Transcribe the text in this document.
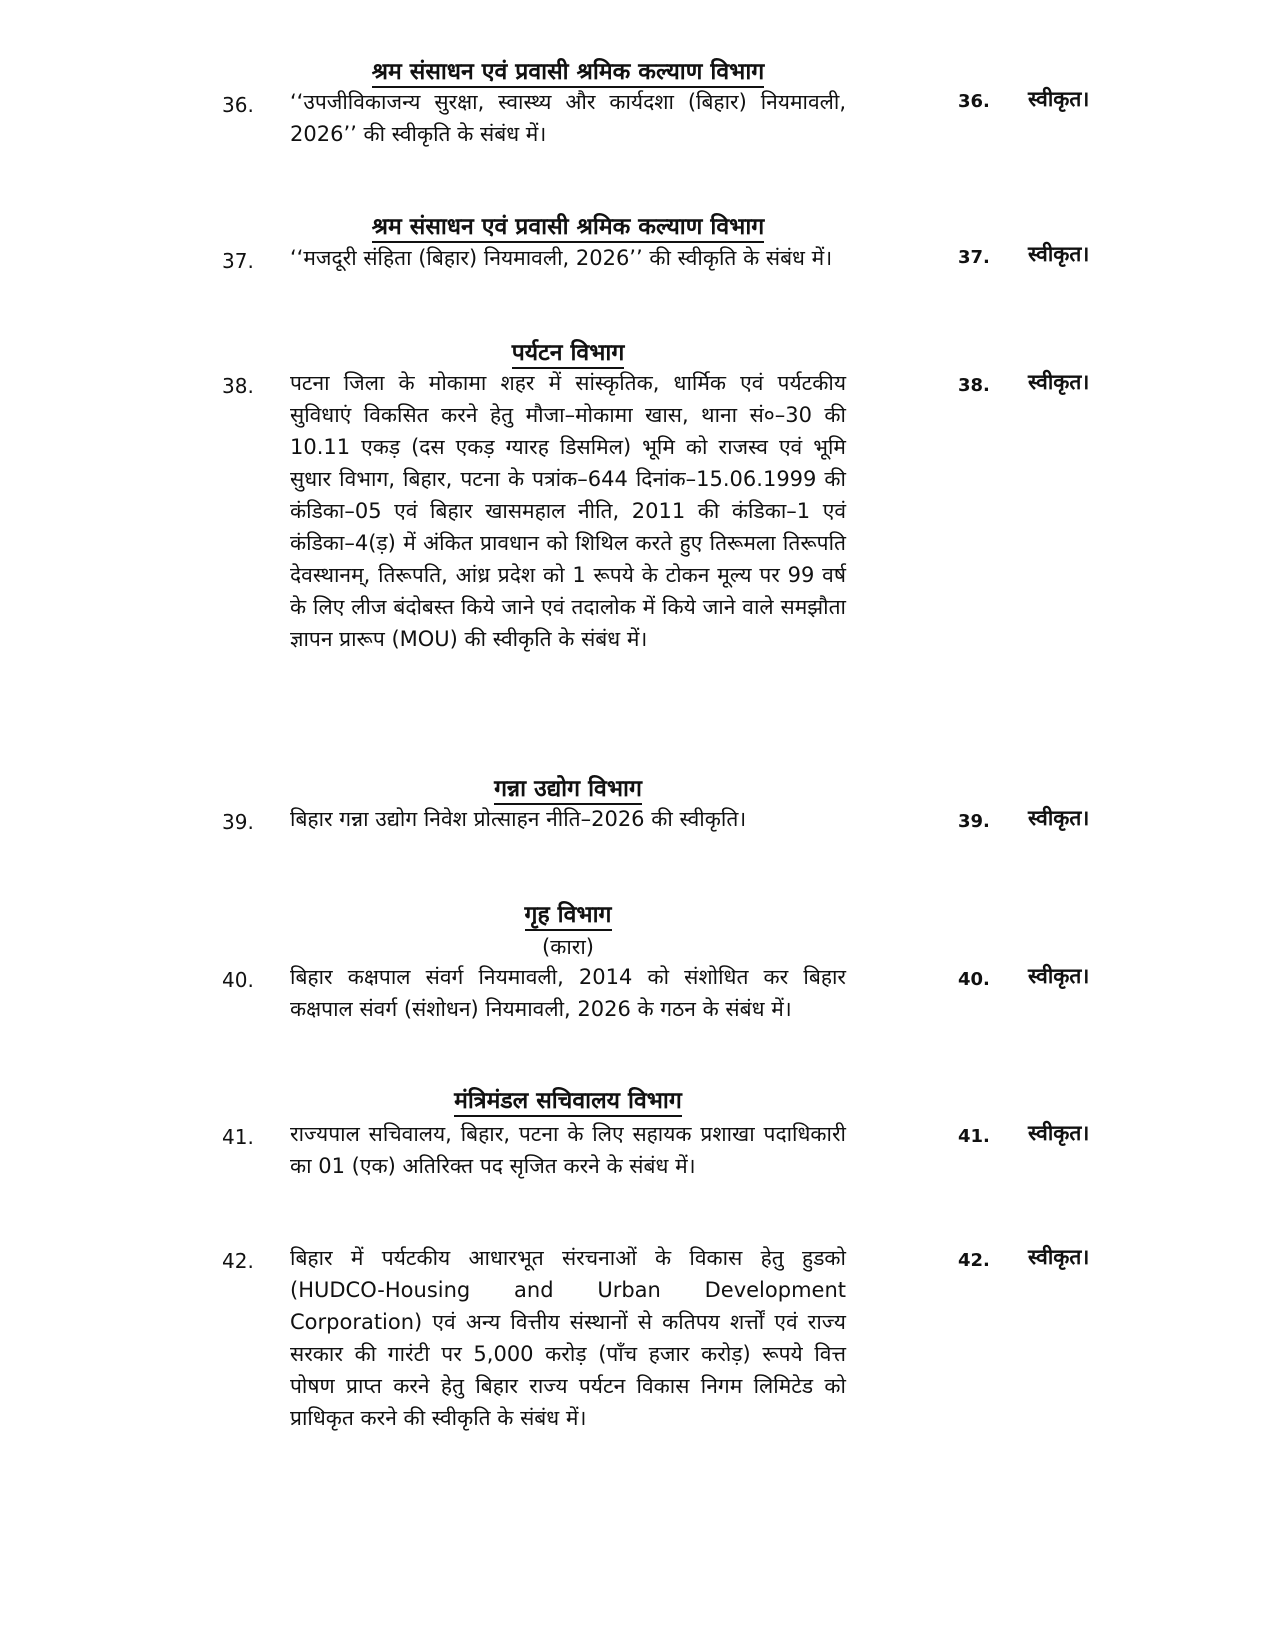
श्रम संसाधन एवं प्रवासी श्रमिक कल्याण विभाग
36. ‘‘उपजीविकाजन्य सुरक्षा, स्वास्थ्य और कार्यदशा (बिहार) नियमावली, 2026’’ की स्वीकृति के संबंध में।
36. स्वीकृत।
श्रम संसाधन एवं प्रवासी श्रमिक कल्याण विभाग
37. ‘‘मजदूरी संहिता (बिहार) नियमावली, 2026’’ की स्वीकृति के संबंध में।	37. स्वीकृत।
पर्यटन विभाग
38. पटना जिला के मोकामा शहर में सांस्कृतिक, धार्मिक एवं पर्यटकीय सुविधाएं विकसित करने हेतु मौजा–मोकामा खास, थाना सं०–30 की 10.11 एकड़ (दस एकड़ ग्यारह डिसमिल) भूमि को राजस्व एवं भूमि सुधार विभाग, बिहार, पटना के पत्रांक–644 दिनांक–15.06.1999 की कंडिका–05 एवं बिहार खासमहाल नीति, 2011 की कंडिका–1 एवं कंडिका–4(ड़) में अंकित प्रावधान को शिथिल करते हुए तिरूमला तिरूपति देवस्थानम्, तिरूपति, आंध्र प्रदेश को 1 रूपये के टोकन मूल्य पर 99 वर्ष के लिए लीज बंदोबस्त किये जाने एवं तदालोक में किये जाने वाले समझौता ज्ञापन प्रारूप (MOU) की स्वीकृति के संबंध में।
38. स्वीकृत।
गन्ना उद्योग विभाग
39. बिहार गन्ना उद्योग निवेश प्रोत्साहन नीति–2026 की स्वीकृति।	39. स्वीकृत।
गृह विभाग
(कारा)
40. बिहार कक्षपाल संवर्ग नियमावली, 2014 को संशोधित कर बिहार कक्षपाल संवर्ग (संशोधन) नियमावली, 2026 के गठन के संबंध में।
40. स्वीकृत।
मंत्रिमंडल सचिवालय विभाग
41. राज्यपाल सचिवालय, बिहार, पटना के लिए सहायक प्रशाखा पदाधिकारी का 01 (एक) अतिरिक्त पद सृजित करने के संबंध में।
41. स्वीकृत।
42. बिहार में पर्यटकीय आधारभूत संरचनाओं के विकास हेतु हुडको (HUDCO-Housing and Urban Development Corporation) एवं अन्य वित्तीय संस्थानों से कतिपय शर्त्तों एवं राज्य सरकार की गारंटी पर 5,000 करोड़ (पाँच हजार करोड़) रूपये वित्त पोषण प्राप्त करने हेतु बिहार राज्य पर्यटन विकास निगम लिमिटेड को प्राधिकृत करने की स्वीकृति के संबंध में।
42. स्वीकृत।
